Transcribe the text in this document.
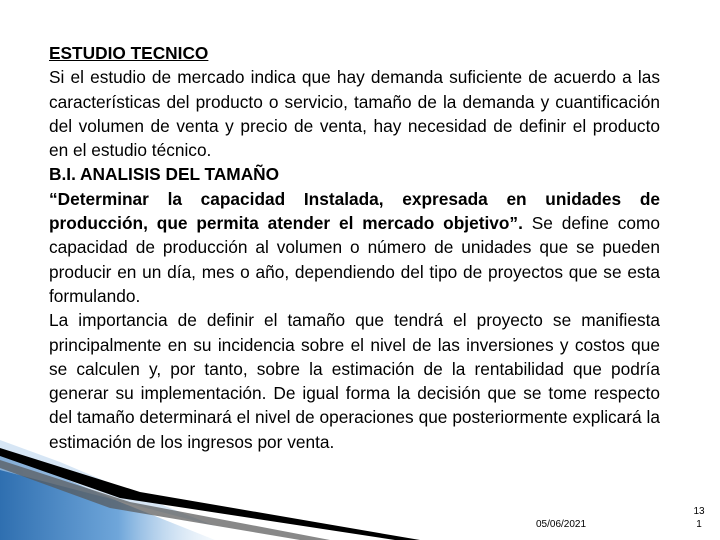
ESTUDIO TECNICO

Si el estudio de mercado indica que hay demanda suficiente de acuerdo a las características del producto o servicio, tamaño de la demanda y cuantificación del volumen de venta y precio de venta, hay necesidad de definir el producto en el estudio técnico.

B.I. ANALISIS DEL TAMAÑO

“Determinar la capacidad Instalada, expresada en unidades de producción, que permita atender el mercado objetivo”. Se define como capacidad de producción al volumen o número de unidades que se pueden producir en un día, mes o año, dependiendo del tipo de proyectos que se esta formulando.

La importancia de definir el tamaño que tendrá el proyecto se manifiesta principalmente en su incidencia sobre el nivel de las inversiones y costos que se calculen y, por tanto, sobre la estimación de la rentabilidad que podría generar su implementación. De igual forma la decisión que se tome respecto del tamaño determinará el nivel de operaciones que posteriormente explicará la estimación de los ingresos por venta.

05/06/2021
13
1
